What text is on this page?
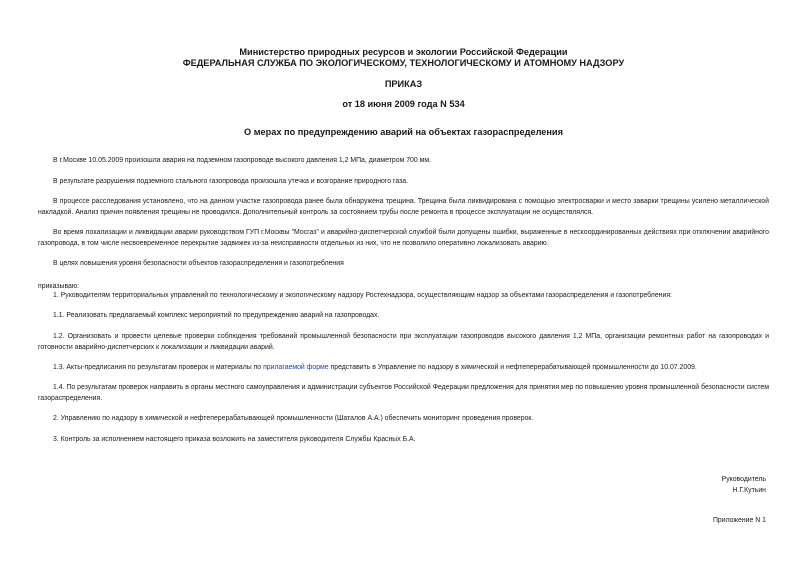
Министерство природных ресурсов и экологии Российской Федерации
ФЕДЕРАЛЬНАЯ СЛУЖБА ПО ЭКОЛОГИЧЕСКОМУ, ТЕХНОЛОГИЧЕСКОМУ И АТОМНОМУ НАДЗОРУ
ПРИКАЗ
от 18 июня 2009 года N 534
О мерах по предупреждению аварий на объектах газораспределения

В г.Москве 10.05.2009 произошла авария на подземном газопроводе высокого давления 1,2 МПа, диаметром 700 мм.

В результате разрушения подземного стального газопровода произошла утечка и возгорание природного газа.

В процессе расследования установлено, что на данном участке газопровода ранее была обнаружена трещина. Трещина была ликвидирована с помощью электросварки и место заварки трещины усилено металлической накладкой. Анализ причин появления трещины не проводился. Дополнительный контроль за состоянием трубы после ремонта в процессе эксплуатации не осуществлялся.

Во время локализации и ликвидации аварии руководством ГУП г.Москвы "Мосгаз" и аварийно-диспетчерской службой были допущены ошибки, выраженные в нескоординированных действиях при отключении аварийного газопровода, в том числе несвоевременное перекрытие задвижек из-за неисправности отдельных из них, что не позволило оперативно локализовать аварию.

В целях повышения уровня безопасности объектов газораспределения и газопотребления

приказываю:

1. Руководителям территориальных управлений по технологическому и экологическому надзору Ростехнадзора, осуществляющим надзор за объектами газораспределения и газопотребления:

1.1. Реализовать предлагаемый комплекс мероприятий по предупреждению аварий на газопроводах.

1.2. Организовать и провести целевые проверки соблюдения требований промышленной безопасности при эксплуатации газопроводов высокого давления 1,2 МПа, организации ремонтных работ на газопроводах и готовности аварийно-диспетчерских к локализации и ликвидации аварий.

1.3. Акты-предписания по результатам проверок и материалы по прилагаемой форме представить в Управление по надзору в химической и нефтеперерабатывающей промышленности до 10.07.2009.

1.4. По результатам проверок направить в органы местного самоуправления и администрации субъектов Российской Федерации предложения для принятия мер по повышению уровня промышленной безопасности систем газораспределения.

2. Управлению по надзору в химической и нефтеперерабатывающей промышленности (Шаталов А.А.) обеспечить мониторинг проведения проверок.

3. Контроль за исполнением настоящего приказа возложить на заместителя руководителя Службы Красных Б.А.

Руководитель
Н.Г.Кутьин
Приложение N 1
